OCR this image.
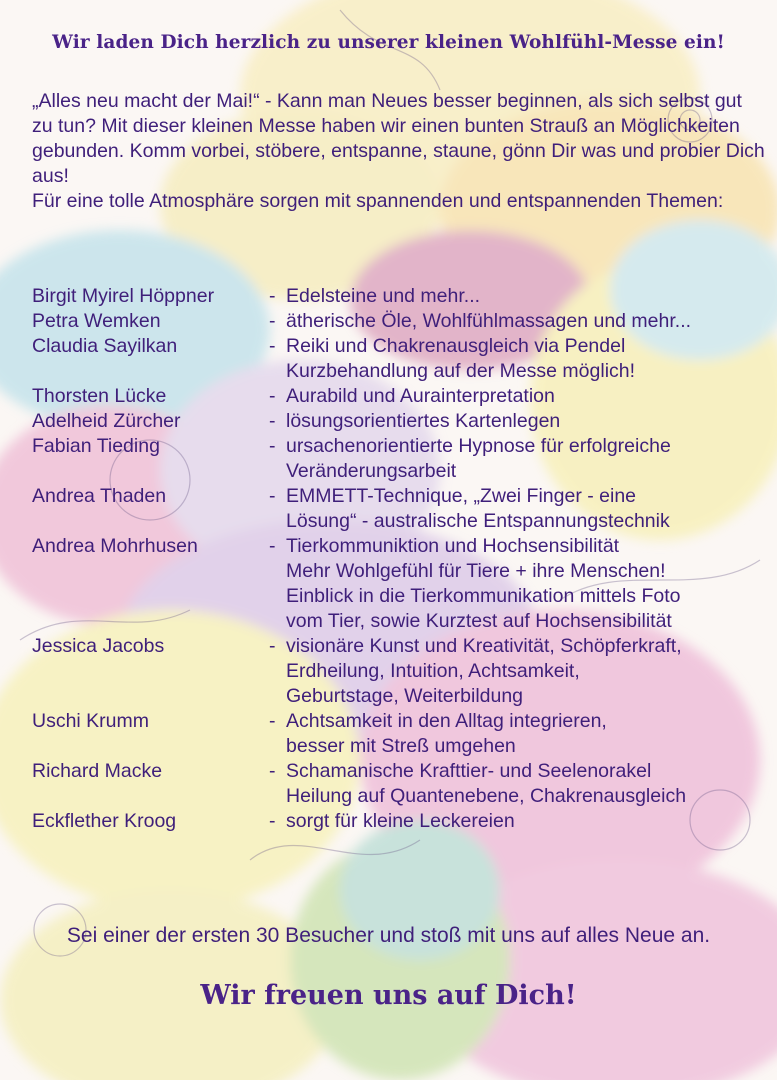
Wir laden Dich herzlich zu unserer kleinen Wohlfühl-Messe ein!

„Alles neu macht der Mai!“ - Kann man Neues besser beginnen, als sich selbst gut zu tun? Mit dieser kleinen Messe haben wir einen bunten Strauß an Möglichkeiten gebunden. Komm vorbei, stöbere, entspanne, staune, gönn Dir was und probier Dich aus!

Für eine tolle Atmosphäre sorgen mit spannenden und entspannenden Themen:

Birgit Myirel Höppner	- Edelsteine und mehr...
Petra Wemken	- ätherische Öle, Wohlfühlmassagen und mehr...
Claudia Sayilkan	- Reiki und Chakrenausgleich via Pendel
Kurzbehandlung auf der Messe möglich!
Thorsten Lücke	- Aurabild und Aurainterpretation
Adelheid Zürcher	- lösungsorientiertes Kartenlegen
Fabian Tieding	- ursachenorientierte Hypnose für erfolgreiche
Veränderungsarbeit
Andrea Thaden	- EMMETT-Technique, „Zwei Finger - eine
Lösung“ - australische Entspannungstechnik
Andrea Mohrhusen	- Tierkommuniktion und Hochsensibilität
Mehr Wohlgefühl für Tiere + ihre Menschen!
Einblick in die Tierkommunikation mittels Foto
vom Tier, sowie Kurztest auf Hochsensibilität
Jessica Jacobs	- visionäre Kunst und Kreativität, Schöpferkraft,
Erdheilung, Intuition, Achtsamkeit,
Geburtstage, Weiterbildung
Uschi Krumm	- Achtsamkeit in den Alltag integrieren,
besser mit Streß umgehen
Richard Macke	- Schamanische Krafttier- und Seelenorakel
Heilung auf Quantenebene, Chakrenausgleich
Eckflether Kroog	- sorgt für kleine Leckereien
Sei einer der ersten 30 Besucher und stoß mit uns auf alles Neue an.
Wir freuen uns auf Dich!
